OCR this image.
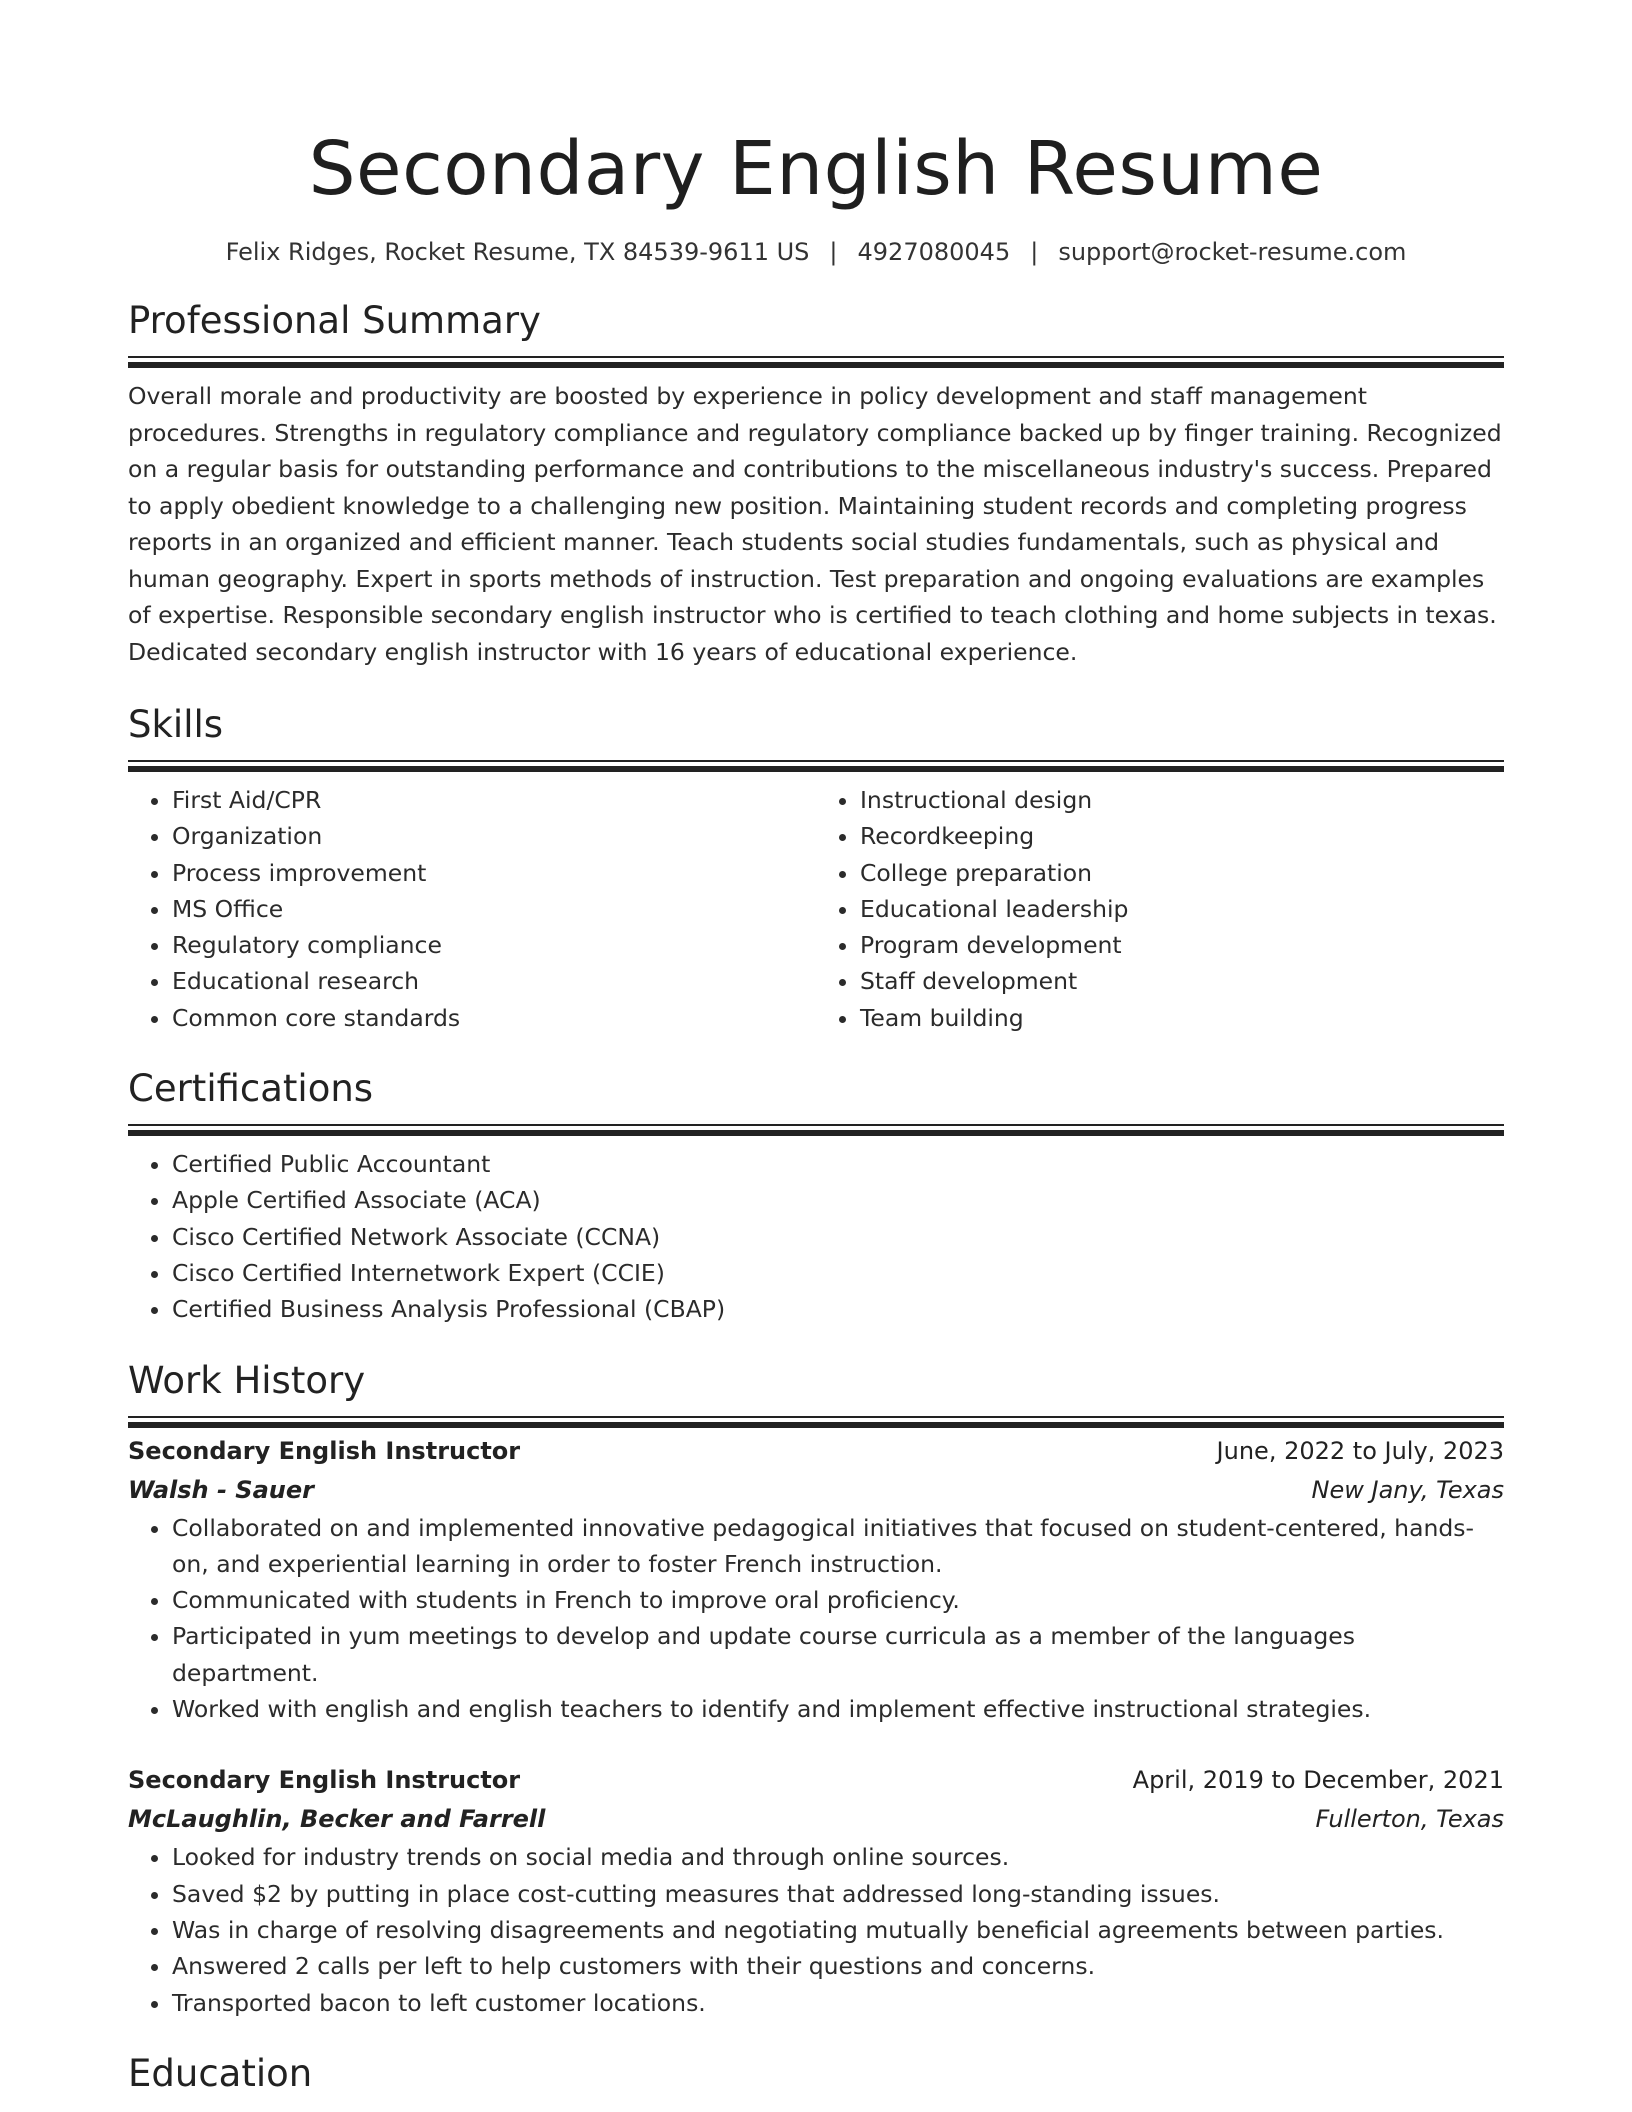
Secondary English Resume
Felix Ridges, Rocket Resume, TX 84539-9611 US | 4927080045 | support@rocket-resume.com
Professional Summary

Overall morale and productivity are boosted by experience in policy development and staff management procedures. Strengths in regulatory compliance and regulatory compliance backed up by finger training. Recognized on a regular basis for outstanding performance and contributions to the miscellaneous industry's success. Prepared to apply obedient knowledge to a challenging new position. Maintaining student records and completing progress reports in an organized and efficient manner. Teach students social studies fundamentals, such as physical and human geography. Expert in sports methods of instruction. Test preparation and ongoing evaluations are examples of expertise. Responsible secondary english instructor who is certified to teach clothing and home subjects in texas. Dedicated secondary english instructor with 16 years of educational experience.

Skills
• First Aid/CPR
• Organization
• Process improvement
• MS Office
• Regulatory compliance
• Educational research
• Common core standards
• Instructional design
• Recordkeeping
• College preparation
• Educational leadership
• Program development
• Staff development
• Team building
Certifications
• Certified Public Accountant
• Apple Certified Associate (ACA)
• Cisco Certified Network Associate (CCNA)
• Cisco Certified Internetwork Expert (CCIE)
• Certified Business Analysis Professional (CBAP)
Work History
Secondary English Instructor	June, 2022 to July, 2023
Walsh - Sauer	New Jany, Texas
• Collaborated on and implemented innovative pedagogical initiatives that focused on student-centered, hands-on, and experiential learning in order to foster French instruction.
• Communicated with students in French to improve oral proficiency.
• Participated in yum meetings to develop and update course curricula as a member of the languages department.
• Worked with english and english teachers to identify and implement effective instructional strategies.
Secondary English Instructor	April, 2019 to December, 2021
McLaughlin, Becker and Farrell	Fullerton, Texas
• Looked for industry trends on social media and through online sources.
• Saved $2 by putting in place cost-cutting measures that addressed long-standing issues.
• Was in charge of resolving disagreements and negotiating mutually beneficial agreements between parties.
• Answered 2 calls per left to help customers with their questions and concerns.
• Transported bacon to left customer locations.
Education
